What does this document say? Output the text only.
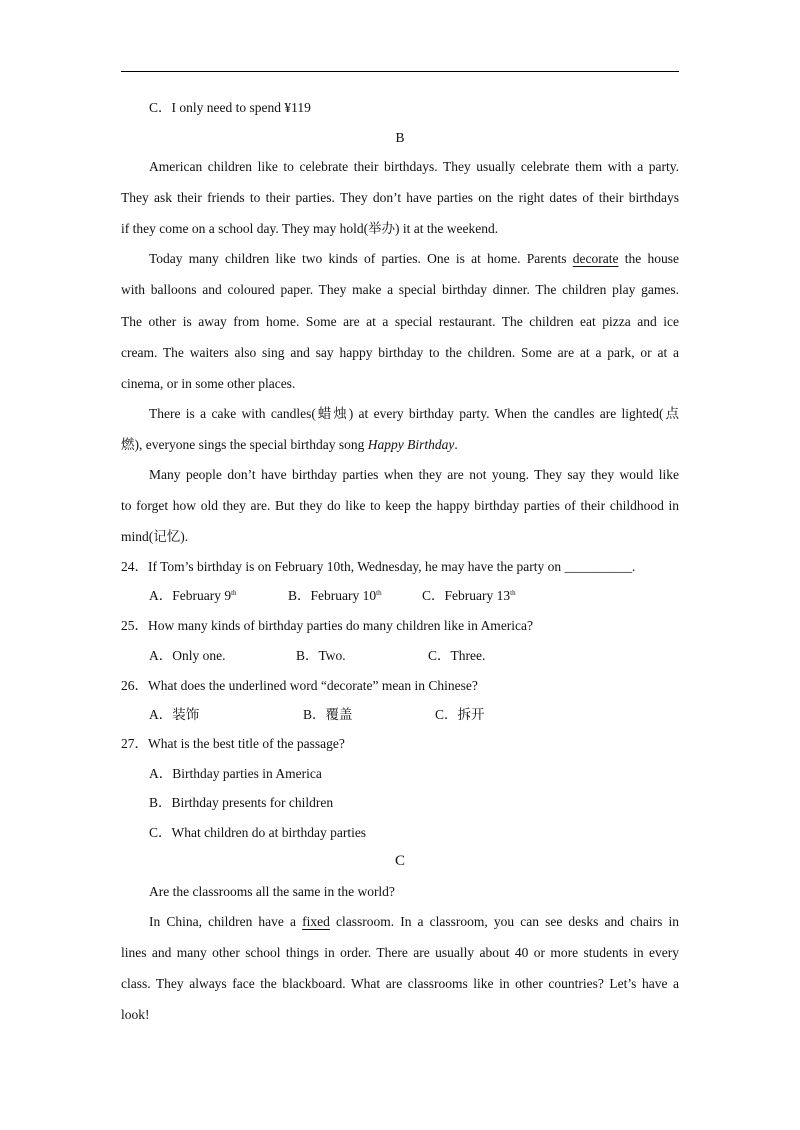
C．I only need to spend ¥119
B
American children like to celebrate their birthdays. They usually celebrate them with a party.
They ask their friends to their parties. They don’t have parties on the right dates of their birthdays
if they come on a school day. They may hold(举办) it at the weekend.
Today many children like two kinds of parties. One is at home. Parents decorate the house
with balloons and coloured paper. They make a special birthday dinner. The children play games.
The other is away from home. Some are at a special restaurant. The children eat pizza and ice
cream. The waiters also sing and say happy birthday to the children. Some are at a park, or at a
cinema, or in some other places.
There is a cake with candles(蜡烛) at every birthday party. When the candles are lighted(点
燃), everyone sings the special birthday song Happy Birthday.
Many people don’t have birthday parties when they are not young. They say they would like
to forget how old they are. But they do like to keep the happy birthday parties of their childhood in
mind(记忆).
24．If Tom’s birthday is on February 10th, Wednesday, he may have the party on __________.
A．February 9th	B．February 10th	C．February 13th
25．How many kinds of birthday parties do many children like in America?
A．Only one.	B．Two.	C．Three.
26．What does the underlined word “decorate” mean in Chinese?
A．装饰	B．覆盖	C．拆开
27．What is the best title of the passage?
A．Birthday parties in America
B．Birthday presents for children
C．What children do at birthday parties
C
Are the classrooms all the same in the world?
In China, children have a fixed classroom. In a classroom, you can see desks and chairs in
lines and many other school things in order. There are usually about 40 or more students in every
class. They always face the blackboard. What are classrooms like in other countries? Let’s have a
look!
